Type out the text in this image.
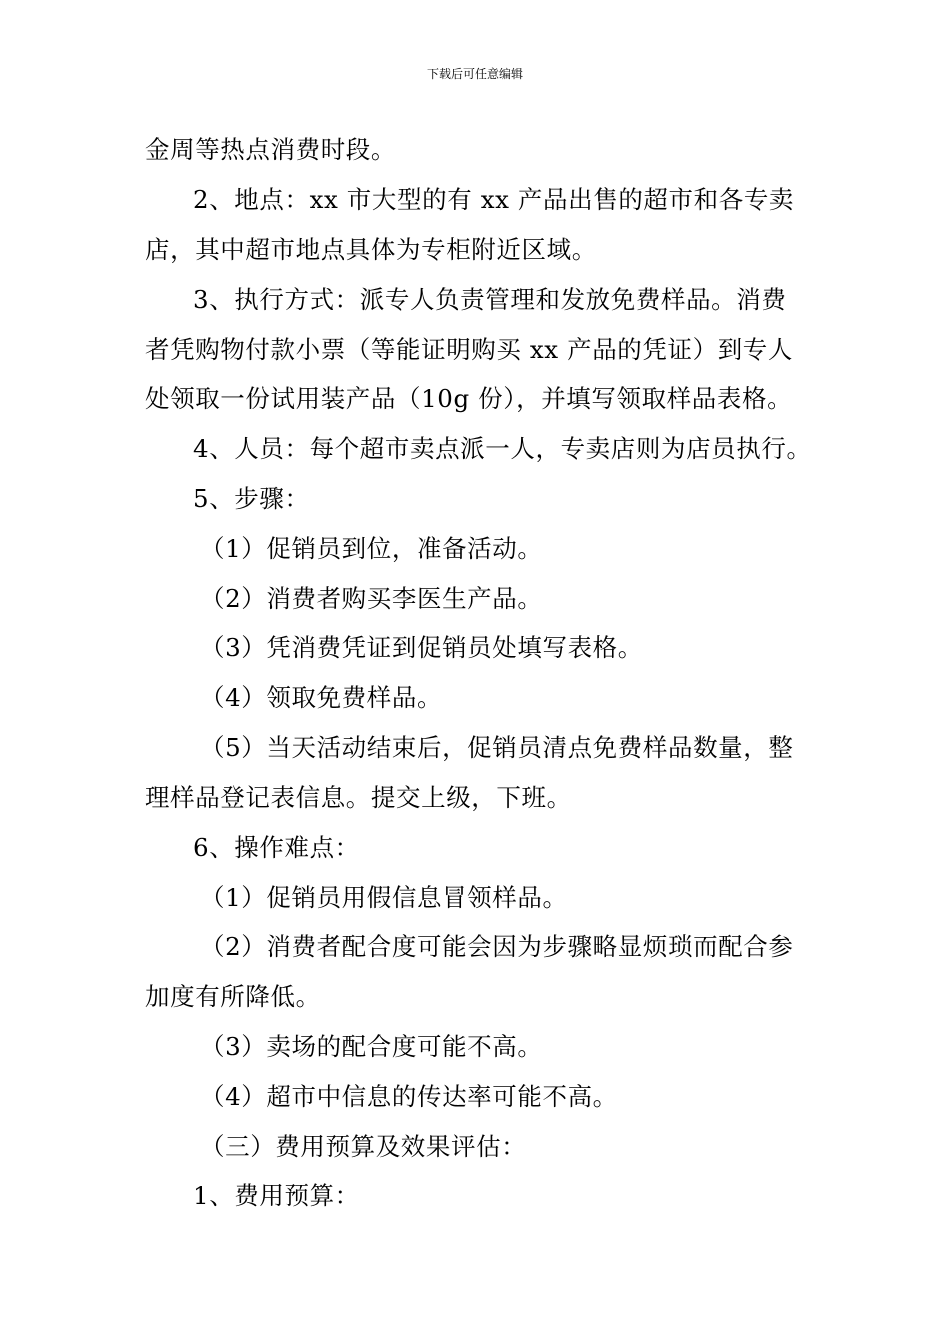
下载后可任意编辑
金周等热点消费时段。
2、地点：xx 市大型的有 xx 产品出售的超市和各专卖
店，其中超市地点具体为专柜附近区域。
3、执行方式：派专人负责管理和发放免费样品。消费
者凭购物付款小票（等能证明购买 xx 产品的凭证）到专人
处领取一份试用装产品（10g 份），并填写领取样品表格。
4、人员：每个超市卖点派一人，专卖店则为店员执行。
5、步骤：
（1）促销员到位，准备活动。
（2）消费者购买李医生产品。
（3）凭消费凭证到促销员处填写表格。
（4）领取免费样品。
（5）当天活动结束后，促销员清点免费样品数量，整
理样品登记表信息。提交上级，下班。
6、操作难点：
（1）促销员用假信息冒领样品。
（2）消费者配合度可能会因为步骤略显烦琐而配合参
加度有所降低。
（3）卖场的配合度可能不高。
（4）超市中信息的传达率可能不高。
（三）费用预算及效果评估：
1、费用预算：
